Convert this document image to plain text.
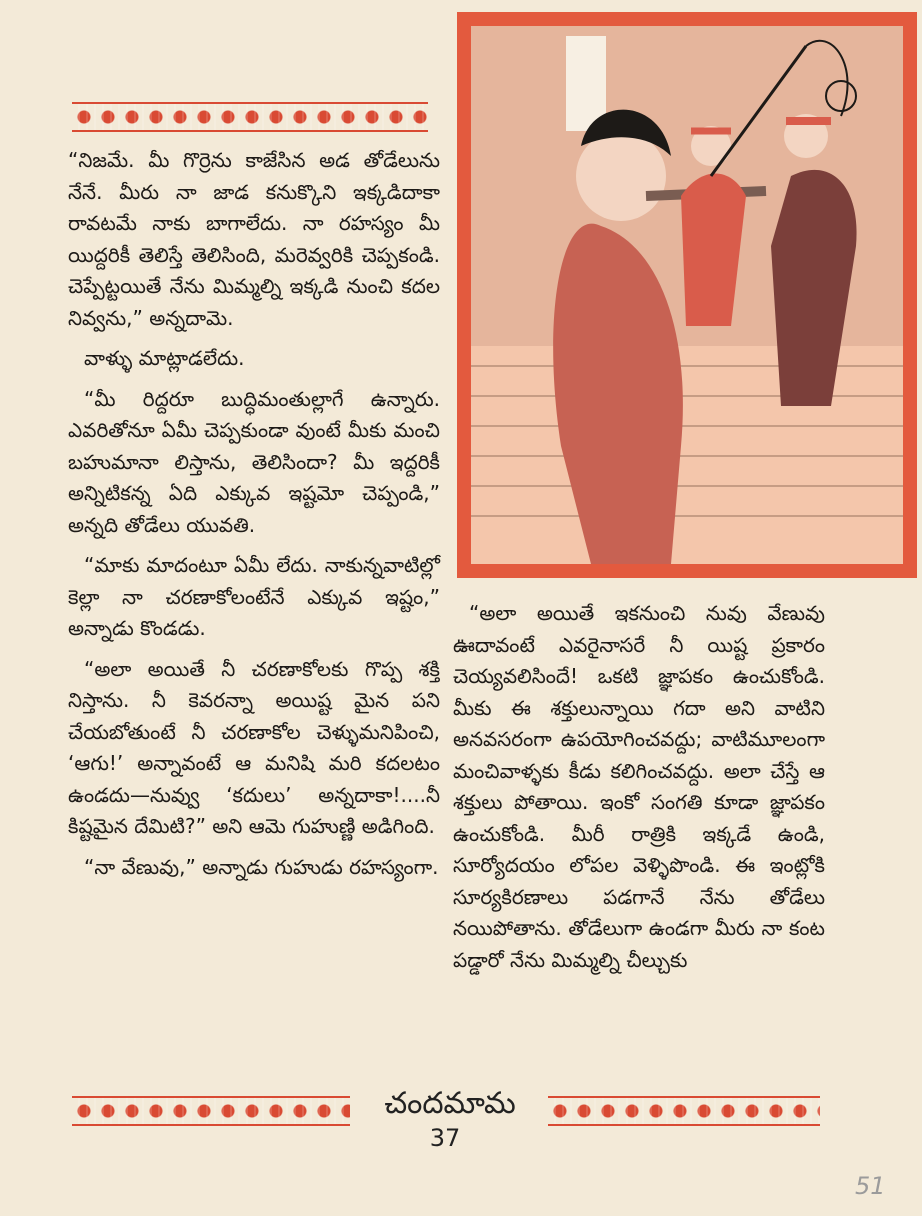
“నిజమే. మీ గొర్రెను కాజేసిన అడ తోడేలును నేనే. మీరు నా జాడ కనుక్కొని ఇక్కడిదాకా రావటమే నాకు బాగాలేదు. నా రహస్యం మీ యిద్దరికీ తెలిస్తే తెలిసింది, మరెవ్వరికి చెప్పకండి. చెప్పేట్టయితే నేను మిమ్మల్ని ఇక్కడి నుంచి కదల నివ్వను,” అన్నదామె.

వాళ్ళు మాట్లాడలేదు.

“మీ రిద్దరూ బుద్ధిమంతుల్లాగే ఉన్నారు. ఎవరితోనూ ఏమీ చెప్పకుండా వుంటే మీకు మంచి బహుమానా లిస్తాను, తెలిసిందా? మీ ఇద్దరికీ అన్నిటికన్న ఏది ఎక్కువ ఇష్టమో చెప్పండి,” అన్నది తోడేలు యువతి.

“మాకు మాదంటూ ఏమీ లేదు. నాకున్నవాటిల్లో కెల్లా నా చరణాకోలంటేనే ఎక్కువ ఇష్టం,” అన్నాడు కొండడు.

“అలా అయితే నీ చరణాకోలకు గొప్ప శక్తి నిస్తాను. నీ కెవరన్నా అయిష్ట మైన పని చేయబోతుంటే నీ చరణాకోల చెళ్ళుమనిపించి, ‘ఆగు!’ అన్నావంటే ఆ మనిషి మరి కదలటం ఉండదు—నువ్వు ‘కదులు’ అన్నదాకా!....నీ కిష్టమైన దేమిటి?” అని ఆమె గుహుణ్ణి అడిగింది.

“నా వేణువు,” అన్నాడు గుహుడు రహస్యంగా.

“అలా అయితే ఇకనుంచి నువు వేణువు ఊదావంటే ఎవరైనాసరే నీ యిష్ట ప్రకారం చెయ్యవలిసిందే! ఒకటి జ్ఞాపకం ఉంచుకోండి. మీకు ఈ శక్తులున్నాయి గదా అని వాటిని అనవసరంగా ఉపయోగించవద్దు; వాటిమూలంగా మంచివాళ్ళకు కీడు కలిగించవద్దు. అలా చేస్తే ఆ శక్తులు పోతాయి. ఇంకో సంగతి కూడా జ్ఞాపకం ఉంచుకోండి. మీరీ రాత్రికి ఇక్కడే ఉండి, సూర్యోదయం లోపల వెళ్ళిపొండి. ఈ ఇంట్లోకి సూర్యకిరణాలు పడగానే నేను తోడేలు నయిపోతాను. తోడేలుగా ఉండగా మీరు నా కంట పడ్డారో నేను మిమ్మల్ని చీల్చుకు

చందమామ
37
51
